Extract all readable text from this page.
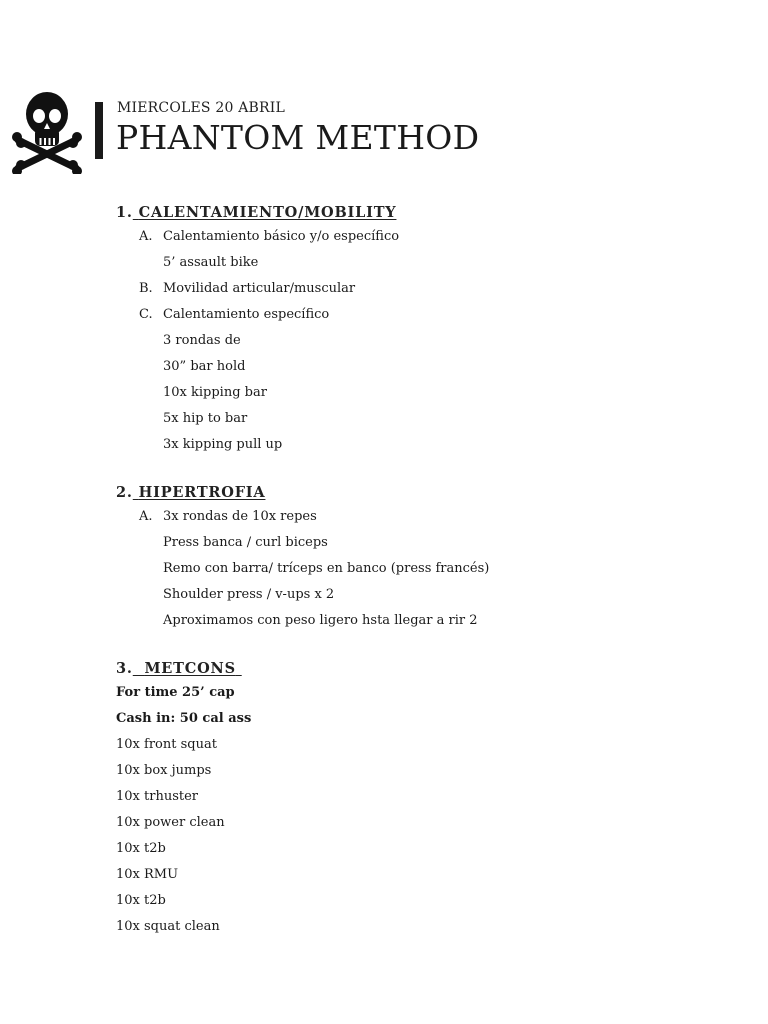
MIERCOLES 20 ABRIL
PHANTOM METHOD
1. CALENTAMIENTO/MOBILITY
A. Calentamiento básico y/o específico
5’ assault bike
B. Movilidad articular/muscular
C. Calentamiento específico
3 rondas de
30” bar hold
10x kipping bar
5x hip to bar
3x kipping pull up
2. HIPERTROFIA
A. 3x rondas de 10x repes
Press banca / curl biceps
Remo con barra/ tríceps en banco (press francés)
Shoulder press / v-ups x 2
Aproximamos con peso ligero hsta llegar a rir 2
3. METCONS
For time 25’ cap
Cash in: 50 cal ass
10x front squat
10x box jumps
10x trhuster
10x power clean
10x t2b
10x RMU
10x t2b
10x squat clean
